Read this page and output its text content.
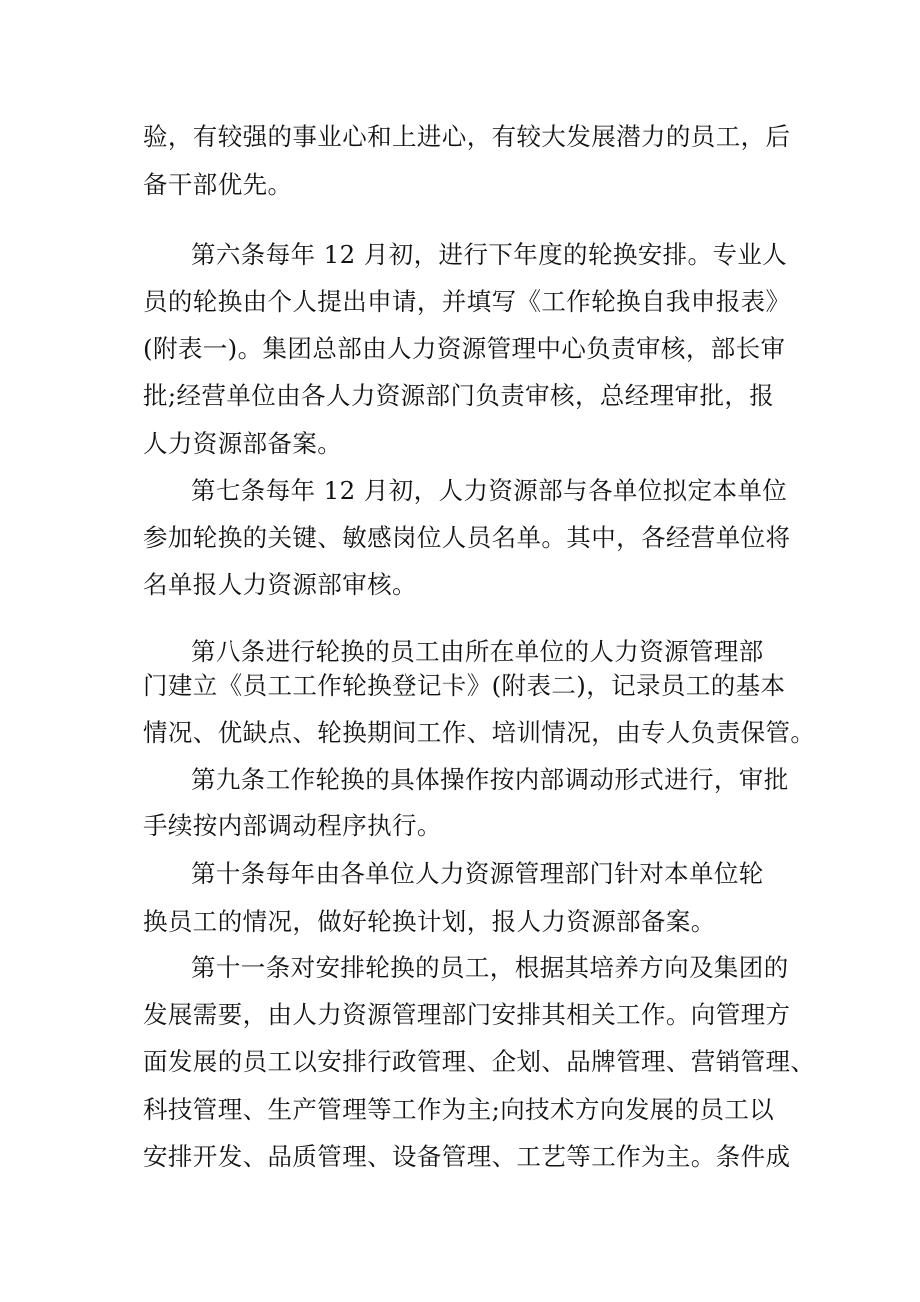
验，有较强的事业心和上进心，有较大发展潜力的员工，后
备干部优先。
第六条每年 12 月初，进行下年度的轮换安排。专业人
员的轮换由个人提出申请，并填写《工作轮换自我申报表》
(附表一)。集团总部由人力资源管理中心负责审核，部长审
批;经营单位由各人力资源部门负责审核，总经理审批，报
人力资源部备案。
第七条每年 12 月初，人力资源部与各单位拟定本单位
参加轮换的关键、敏感岗位人员名单。其中，各经营单位将
名单报人力资源部审核。
第八条进行轮换的员工由所在单位的人力资源管理部
门建立《员工工作轮换登记卡》(附表二)，记录员工的基本
情况、优缺点、轮换期间工作、培训情况，由专人负责保管。
第九条工作轮换的具体操作按内部调动形式进行，审批
手续按内部调动程序执行。
第十条每年由各单位人力资源管理部门针对本单位轮
换员工的情况，做好轮换计划，报人力资源部备案。
第十一条对安排轮换的员工，根据其培养方向及集团的
发展需要，由人力资源管理部门安排其相关工作。向管理方
面发展的员工以安排行政管理、企划、品牌管理、营销管理、
科技管理、生产管理等工作为主;向技术方向发展的员工以
安排开发、品质管理、设备管理、工艺等工作为主。条件成
